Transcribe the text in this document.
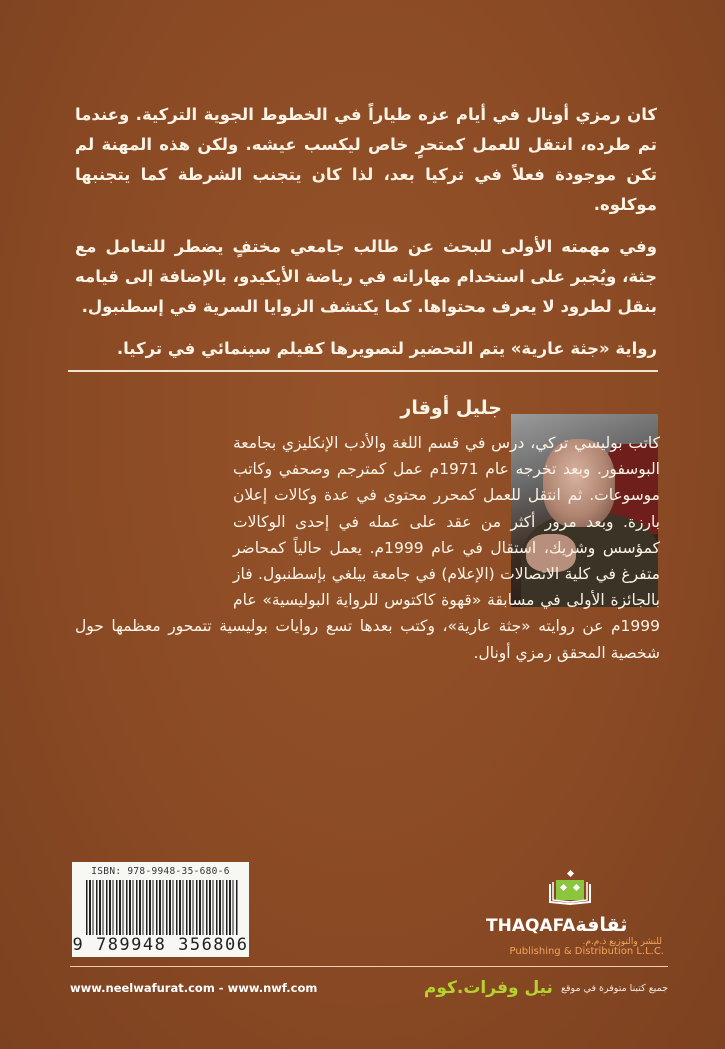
كان رمزي أونال في أيام عزه طياراً في الخطوط الجوية التركية. وعندما تم طرده، انتقل للعمل كمتحرٍ خاص ليكسب عيشه. ولكن هذه المهنة لم تكن موجودة فعلاً في تركيا بعد، لذا كان يتجنب الشرطة كما يتجنبها موكلوه.

وفي مهمته الأولى للبحث عن طالب جامعي مختفٍ يضطر للتعامل مع جثة، ويُجبر على استخدام مهاراته في رياضة الأيكيدو، بالإضافة إلى قيامه بنقل لطرود لا يعرف محتواها. كما يكتشف الزوايا السرية في إسطنبول.

رواية «جثة عارية» يتم التحضير لتصويرها كفيلم سينمائي في تركيا.

جليل أوقار
كاتب بوليسي تركي، درس في قسم اللغة والأدب الإنكليزي بجامعة البوسفور. وبعد تخرجه عام 1971م عمل كمترجم وصحفي وكاتب موسوعات. ثم انتقل للعمل كمحرر محتوى في عدة وكالات إعلان بارزة. وبعد مرور أكثر من عقد على عمله في إحدى الوكالات كمؤسس وشريك، استقال في عام 1999م. يعمل حالياً كمحاضر متفرغ في كلية الاتصالات (الإعلام) في جامعة بيلغي بإسطنبول. فاز بالجائزة الأولى في مسابقة «قهوة كاكتوس للرواية البوليسية» عام 1999م عن روايته «جثة عارية»، وكتب بعدها تسع روايات بوليسية تتمحور معظمها حول شخصية المحقق رمزي أونال.
ISBN: 978-9948-35-680-6
9 789948 356806
THAQAFAثقافة
للنشر والتوزيع ذ.م.م.
Publishing & Distribution L.L.C.
www.neelwafurat.com - www.nwf.com	جميع كتبنا متوفرة في موقع
نيل وفرات.كوم
